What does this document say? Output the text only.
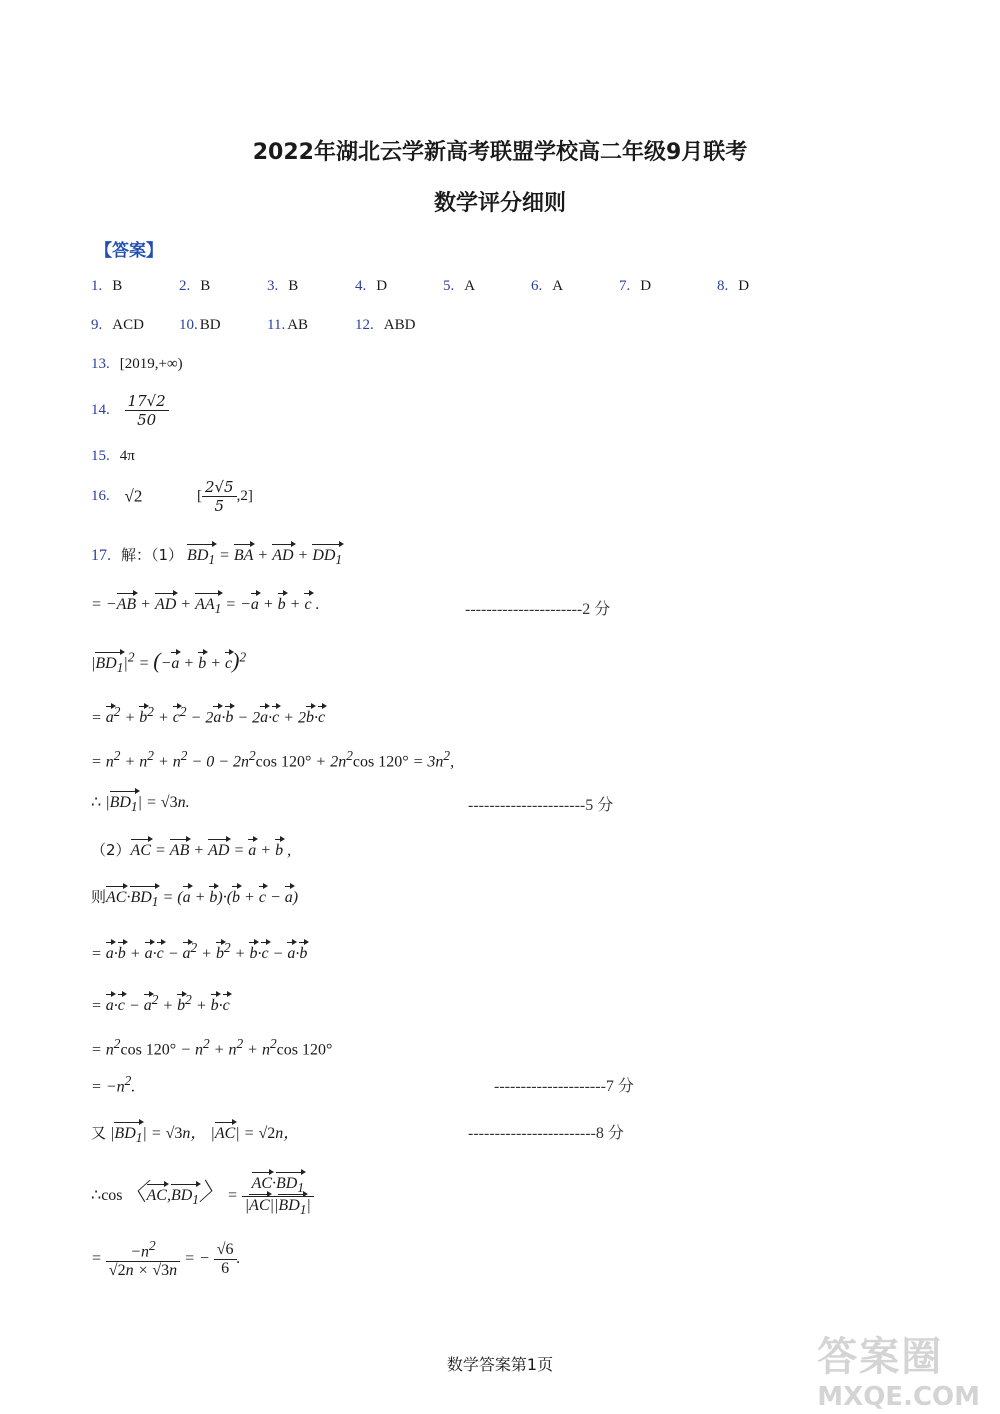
2022年湖北云学新高考联盟学校高二年级9月联考
数学评分细则
【答案】
1. B	2. B	3. B	4. D	5. A	6. A	7. D	8. D
9. ACD 10. BD	11. AB	12. ABD
13. [2019,+∞)
14. $\frac{17√2}{50}$
15. 4π
16. √2	[ $\frac{2√5}{5} ,2$]
17. 解：（1） $BD_1$ = BA + AD + $DD_1$
= −AB + AD + $AA_1 = -a + b + c$ .	----------------------2 分
$|BD_1|^2 = (-a + b + c)^2$
= $a^2 + b^2 + c^2 - 2a\cdot b - 2a\cdot c + 2b\cdot c$
= $n^2 + n^2 + n^2 - 0 - 2n^2\cos$ $120^\circ + 2n^2\cos$ $120^\circ = 3n^2$,
∴ $|BD_1| = √3n$.	----------------------5 分
（2）AC = AB + AD = a + b ,
则$AC\cdot BD_1 = (a + b)\cdot(b + c - a)$
= $a\cdot b + a\cdot c - a^2 + b^2 + b\cdot c - a\cdot b$
= $a\cdot c - a^2 + b^2 + b\cdot c$
= $n^2\cos$ $120^\circ - n^2 + n^2 + n^2\cos$ 120°
= $-n^2$.	---------------------7 分
又 $|BD_1| = √3n$， |AC| = √2n，	------------------------8 分
∴cos〈$AC,BD_1$〉 = $\frac{AC\cdot BD_1}{|AC||BD_1|}$
= $\frac{-n^2}{√2n \times √3n}$ = − $\frac{√6}{6}$ .
数学答案第1页	答案圈
MXQE.COM
